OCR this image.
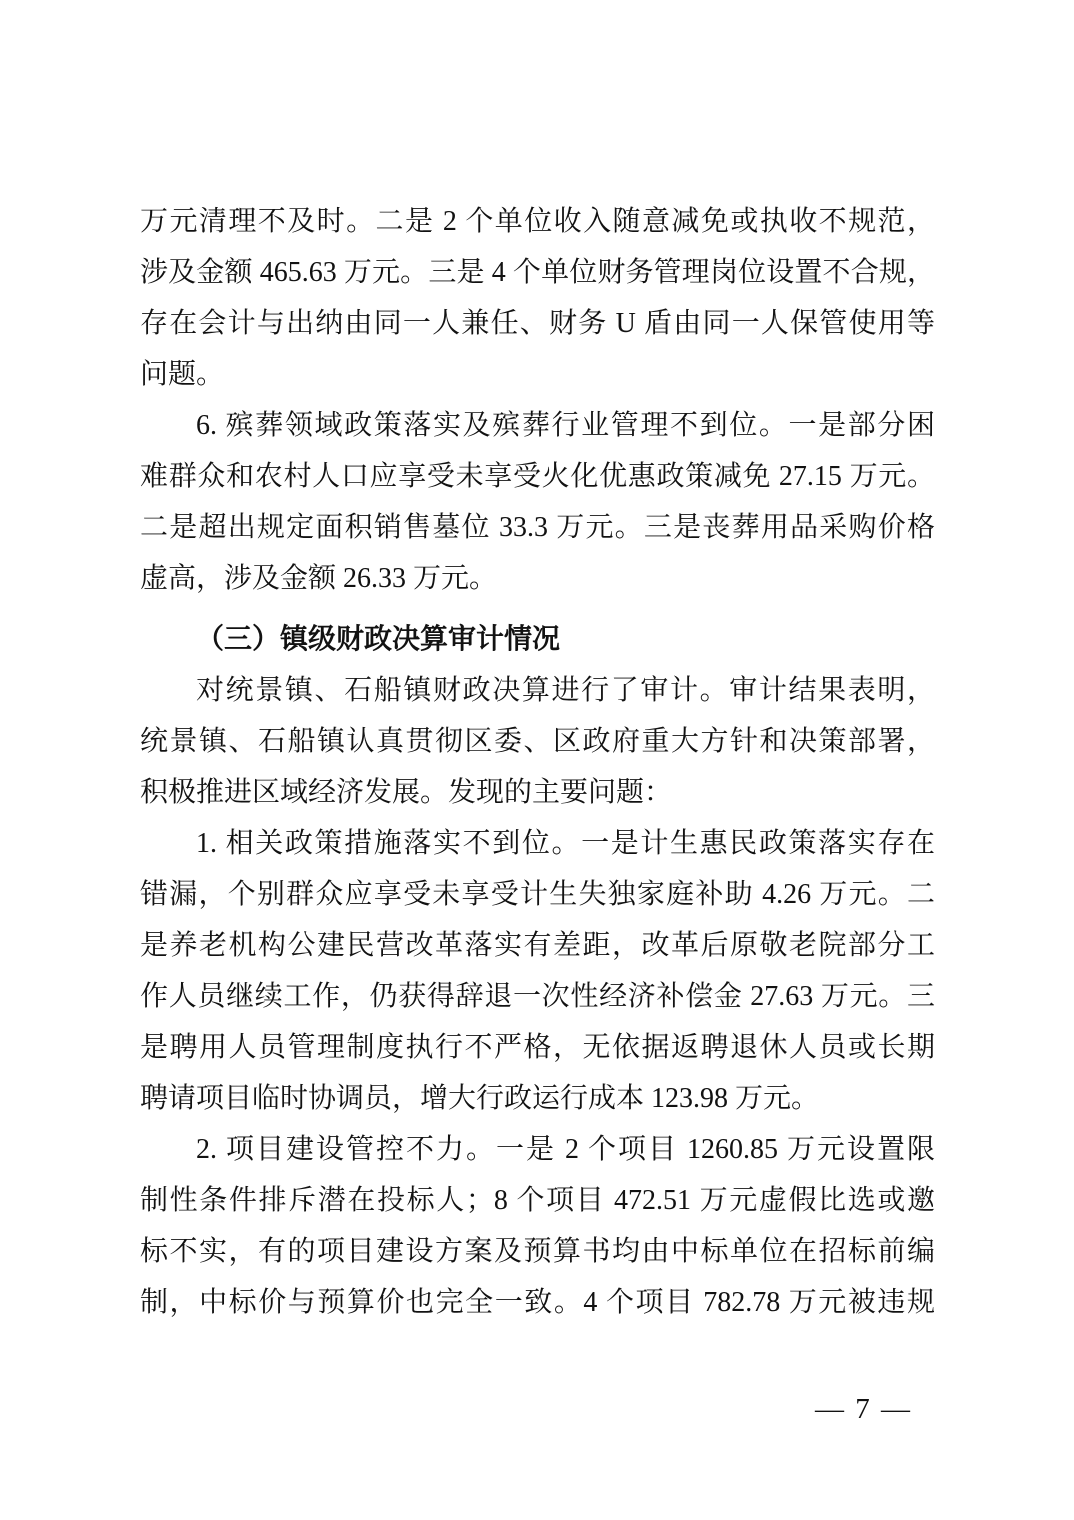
万元清理不及时。二是 2 个单位收入随意减免或执收不规范，
涉及金额 465.63 万元。三是 4 个单位财务管理岗位设置不合规，
存在会计与出纳由同一人兼任、财务 U 盾由同一人保管使用等
问题。
6. 殡葬领域政策落实及殡葬行业管理不到位。一是部分困
难群众和农村人口应享受未享受火化优惠政策减免 27.15 万元。
二是超出规定面积销售墓位 33.3 万元。三是丧葬用品采购价格
虚高，涉及金额 26.33 万元。
（三）镇级财政决算审计情况
对统景镇、石船镇财政决算进行了审计。审计结果表明，
统景镇、石船镇认真贯彻区委、区政府重大方针和决策部署，
积极推进区域经济发展。发现的主要问题：
1. 相关政策措施落实不到位。一是计生惠民政策落实存在
错漏，个别群众应享受未享受计生失独家庭补助 4.26 万元。二
是养老机构公建民营改革落实有差距，改革后原敬老院部分工
作人员继续工作，仍获得辞退一次性经济补偿金 27.63 万元。三
是聘用人员管理制度执行不严格，无依据返聘退休人员或长期
聘请项目临时协调员，增大行政运行成本 123.98 万元。
2. 项目建设管控不力。一是 2 个项目 1260.85 万元设置限
制性条件排斥潜在投标人；8 个项目 472.51 万元虚假比选或邀
标不实，有的项目建设方案及预算书均由中标单位在招标前编
制，中标价与预算价也完全一致。4 个项目 782.78 万元被违规
— 7 —
